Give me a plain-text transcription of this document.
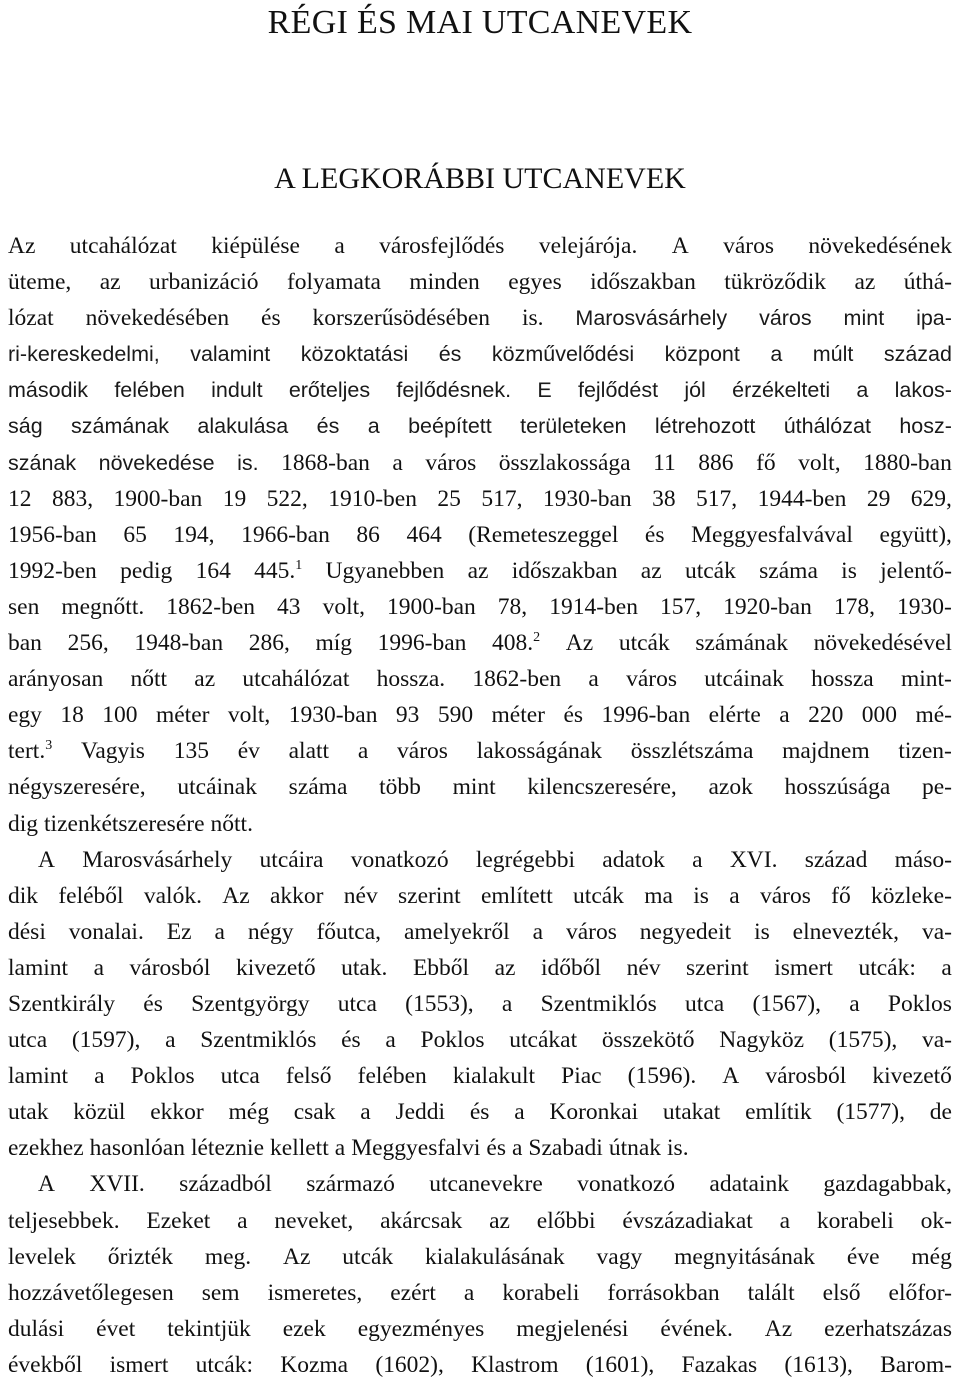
RÉGI ÉS MAI UTCANEVEK
A LEGKORÁBBI UTCANEVEK
Az utcahálózat kiépülése a városfejlődés velejárója. A város növekedésének
üteme, az urbanizáció folyamata minden egyes időszakban tükröződik az úthá-
lózat növekedésében és korszerűsödésében is. Marosvásárhely város mint ipa-
ri-kereskedelmi, valamint közoktatási és közművelődési központ a múlt század
második felében indult erőteljes fejlődésnek. E fejlődést jól érzékelteti a lakos-
ság számának alakulása és a beépített területeken létrehozott úthálózat hosz-
szának növekedése is. 1868-ban a város összlakossága 11 886 fő volt, 1880-ban
12 883, 1900-ban 19 522, 1910-ben 25 517, 1930-ban 38 517, 1944-ben 29 629,
1956-ban 65 194, 1966-ban 86 464 (Remeteszeggel és Meggyesfalvával együtt),
1992-ben pedig 164 445.$^1$ Ugyanebben az időszakban az utcák száma is jelentő-
sen megnőtt. 1862-ben 43 volt, 1900-ban 78, 1914-ben 157, 1920-ban 178, 1930-
ban 256, 1948-ban 286, míg 1996-ban 408.$^2$ Az utcák számának növekedésével
arányosan nőtt az utcahálózat hossza. 1862-ben a város utcáinak hossza mint-
egy 18 100 méter volt, 1930-ban 93 590 méter és 1996-ban elérte a 220 000 mé-
tert.$^3$ Vagyis 135 év alatt a város lakosságának összlétszáma majdnem tizen-
négyszeresére, utcáinak száma több mint kilencszeresére, azok hosszúsága pe-
dig tizenkétszeresére nőtt.
A Marosvásárhely utcáira vonatkozó legrégebbi adatok a XVI. század máso-
dik feléből valók. Az akkor név szerint említett utcák ma is a város fő közleke-
dési vonalai. Ez a négy főutca, amelyekről a város negyedeit is elnevezték, va-
lamint a városból kivezető utak. Ebből az időből név szerint ismert utcák: a
Szentkirály és Szentgyörgy utca (1553), a Szentmiklós utca (1567), a Poklos
utca (1597), a Szentmiklós és a Poklos utcákat összekötő Nagyköz (1575), va-
lamint a Poklos utca felső felében kialakult Piac (1596). A városból kivezető
utak közül ekkor még csak a Jeddi és a Koronkai utakat említik (1577), de
ezekhez hasonlóan léteznie kellett a Meggyesfalvi és a Szabadi útnak is.
A XVII. századból származó utcanevekre vonatkozó adataink gazdagabbak,
teljesebbek. Ezeket a neveket, akárcsak az előbbi évszázadiakat a korabeli ok-
levelek őrizték meg. Az utcák kialakulásának vagy megnyitásának éve még
hozzávetőlegesen sem ismeretes, ezért a korabeli forrásokban talált első előfor-
dulási évet tekintjük ezek egyezményes megjelenési évének. Az ezerhatszázas
évekből ismert utcák: Kozma (1602), Klastrom (1601), Fazakas (1613), Barom-
